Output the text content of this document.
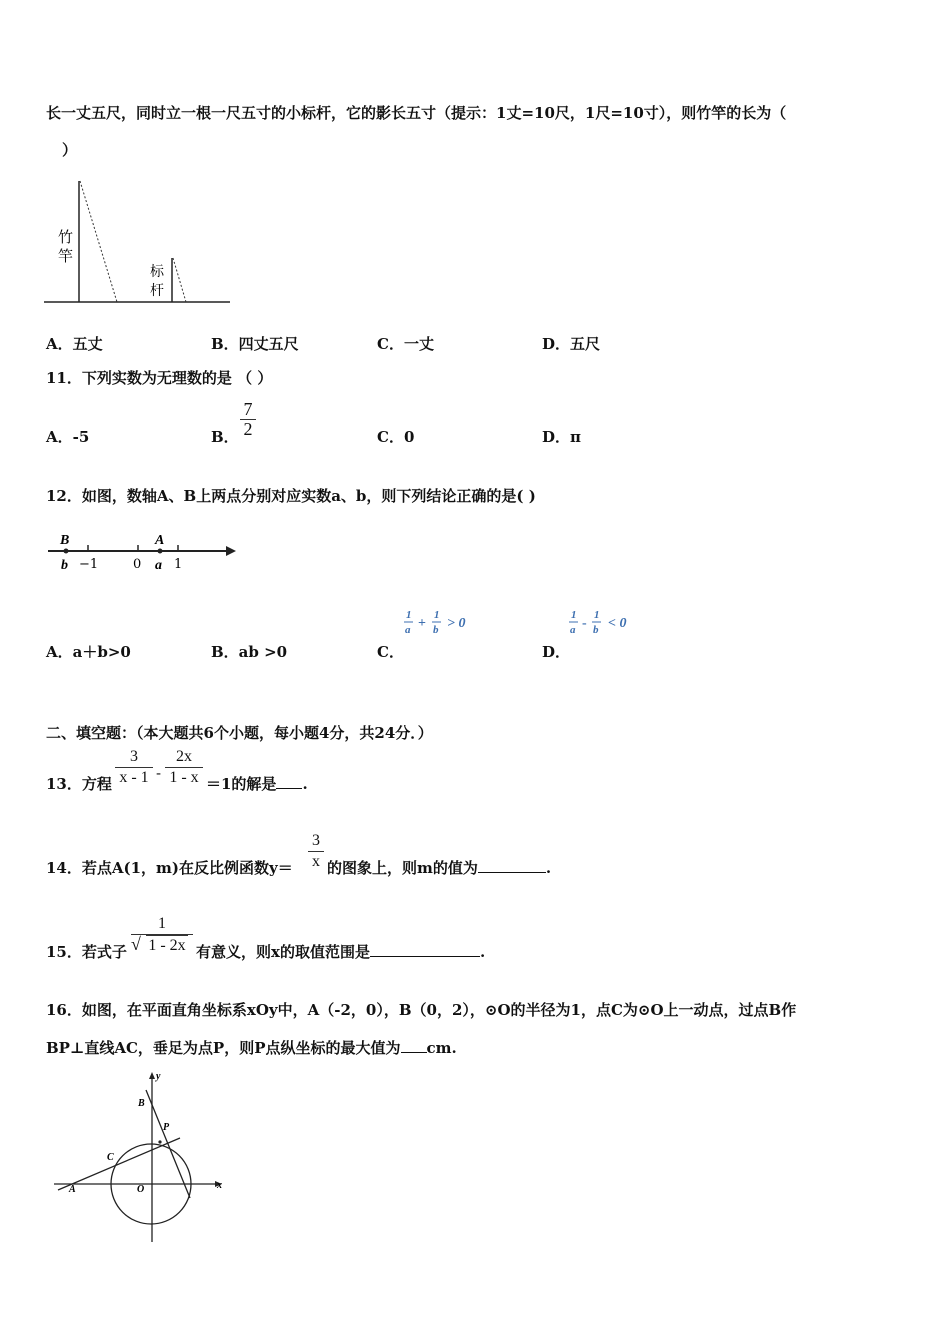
长一丈五尺，同时立一根一尺五寸的小标杆，它的影长五寸（提示：1丈=10尺，1尺=10寸），则竹竿的长为（
）
竹
竿
标
杆
A．五丈	B．四丈五尺	C．一丈	D．五尺
11．下列实数为无理数的是 （ ）
A．-5	B．
7
2	C．0	D．π
12．如图，数轴A、B上两点分别对应实数a、b，则下列结论正确的是( )
B	A
b −1	0 a 1
A．a＋b>0	B．ab >0	C．
1
a +
1
b > 0
D．
1
a -
1
b < 0
二、填空题：（本大题共6个小题，每小题4分，共24分．）
13．方程
3
x - 1 -
2x
1 - x ＝1的解是 .
14．若点A(1，m)在反比例函数y＝
3
x 的图象上，则m的值为	.
15．若式子
1
√ 1 - 2x 有意义，则x的取值范围是	.
16．如图，在平面直角坐标系xOy中，A（-2，0），B（0，2），⊙O的半径为1，点C为⊙O上一动点，过点B作
BP⊥直线AC，垂足为点P，则P点纵坐标的最大值为 cm.
y
x
B
P
C
A	O
